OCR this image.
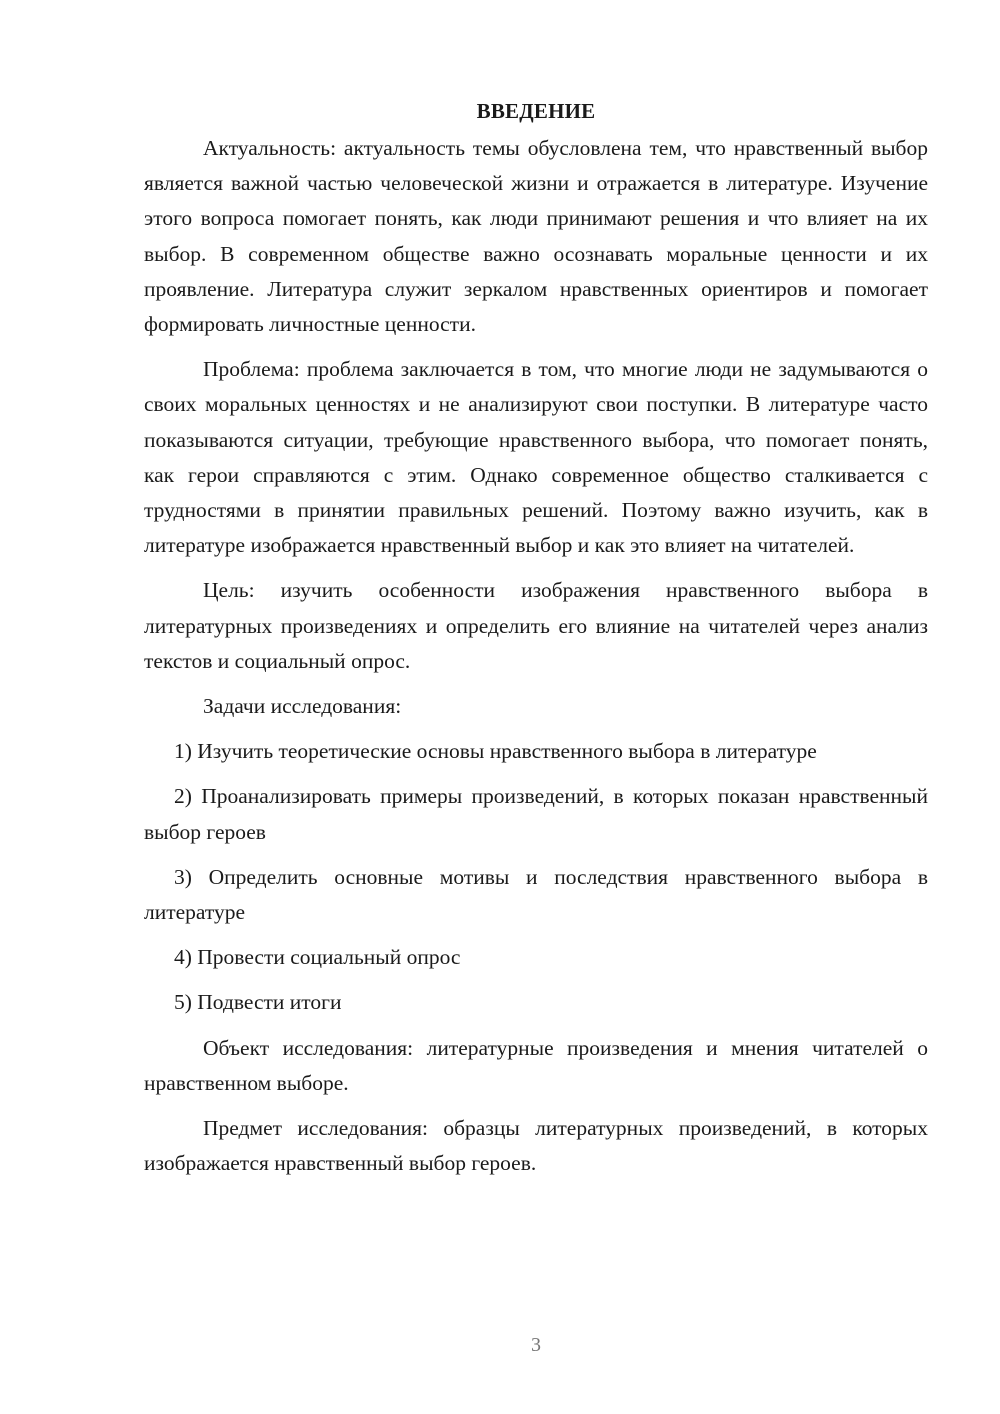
ВВЕДЕНИЕ

Актуальность: актуальность темы обусловлена тем, что нравственный выбор является важной частью человеческой жизни и отражается в литературе. Изучение этого вопроса помогает понять, как люди принимают решения и что влияет на их выбор. В современном обществе важно осознавать моральные ценности и их проявление. Литература служит зеркалом нравственных ориентиров и помогает формировать личностные ценности.

Проблема: проблема заключается в том, что многие люди не задумываются о своих моральных ценностях и не анализируют свои поступки. В литературе часто показываются ситуации, требующие нравственного выбора, что помогает понять, как герои справляются с этим. Однако современное общество сталкивается с трудностями в принятии правильных решений. Поэтому важно изучить, как в литературе изображается нравственный выбор и как это влияет на читателей.

Цель: изучить особенности изображения нравственного выбора в литературных произведениях и определить его влияние на читателей через анализ текстов и социальный опрос.

Задачи исследования:

1) Изучить теоретические основы нравственного выбора в литературе

2) Проанализировать примеры произведений, в которых показан нравственный выбор героев

3) Определить основные мотивы и последствия нравственного выбора в литературе

4) Провести социальный опрос

5) Подвести итоги

Объект исследования: литературные произведения и мнения читателей о нравственном выборе.

Предмет исследования: образцы литературных произведений, в которых изображается нравственный выбор героев.

3
